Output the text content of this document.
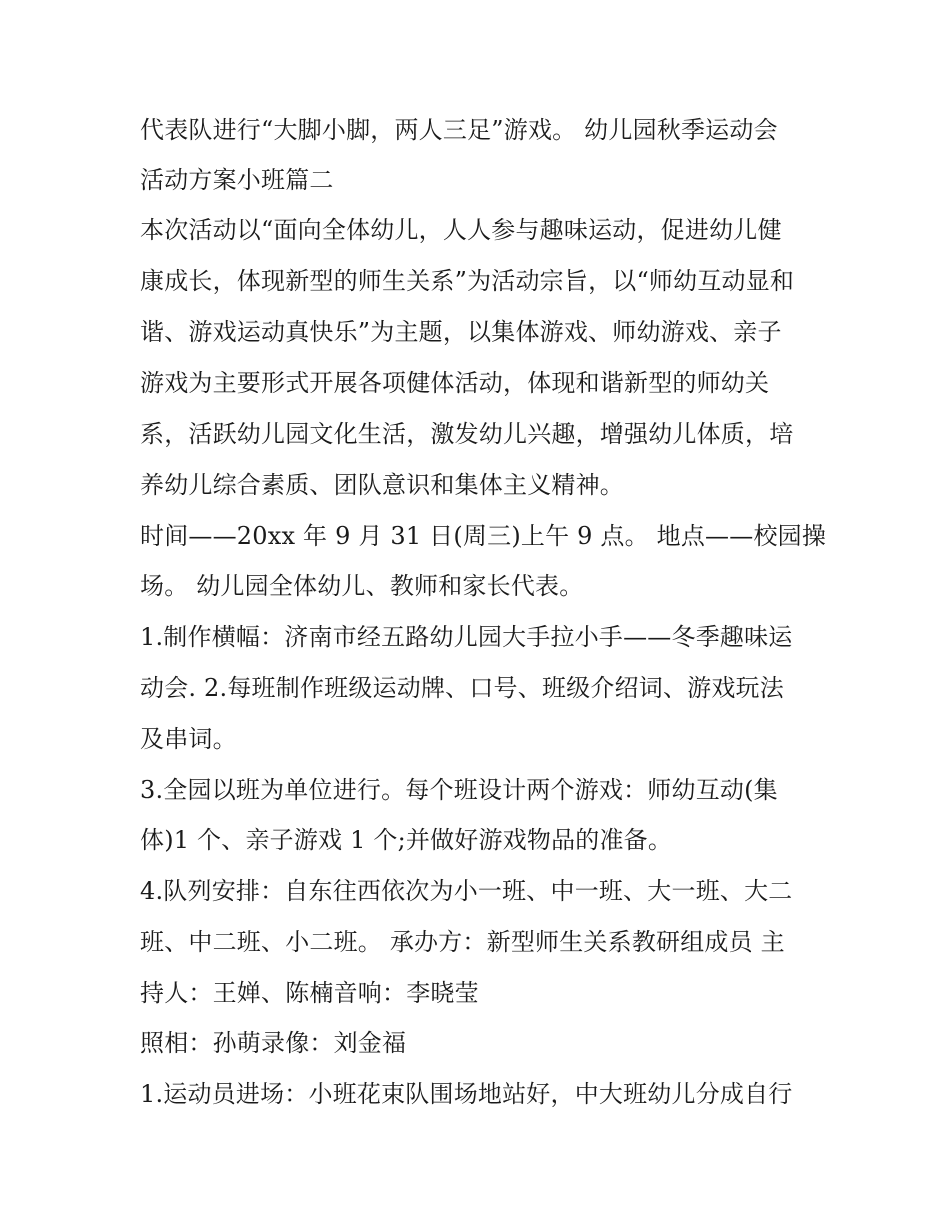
代表队进行“大脚小脚，两人三足”游戏。 幼儿园秋季运动会
活动方案小班篇二
本次活动以“面向全体幼儿，人人参与趣味运动，促进幼儿健
康成长，体现新型的师生关系”为活动宗旨，以“师幼互动显和
谐、游戏运动真快乐”为主题，以集体游戏、师幼游戏、亲子
游戏为主要形式开展各项健体活动，体现和谐新型的师幼关
系，活跃幼儿园文化生活，激发幼儿兴趣，增强幼儿体质，培
养幼儿综合素质、团队意识和集体主义精神。
时间——20xx 年 9 月 31 日(周三)上午 9 点。 地点——校园操
场。 幼儿园全体幼儿、教师和家长代表。
1.制作横幅：济南市经五路幼儿园大手拉小手——冬季趣味运
动会. 2.每班制作班级运动牌、口号、班级介绍词、游戏玩法
及串词。
3.全园以班为单位进行。每个班设计两个游戏：师幼互动(集
体)1 个、亲子游戏 1 个;并做好游戏物品的准备。
4.队列安排：自东往西依次为小一班、中一班、大一班、大二
班、中二班、小二班。 承办方：新型师生关系教研组成员 主
持人：王婵、陈楠音响：李晓莹
照相：孙萌录像：刘金福
1.运动员进场：小班花束队围场地站好，中大班幼儿分成自行
